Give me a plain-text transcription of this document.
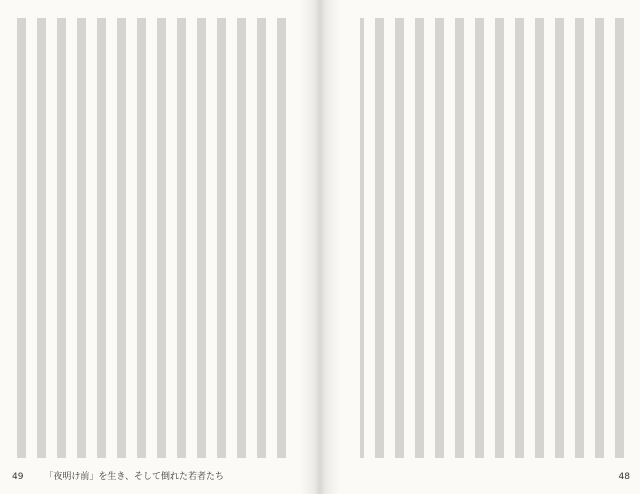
48
49 「夜明け前」を生き、そして倒れた若者たち
